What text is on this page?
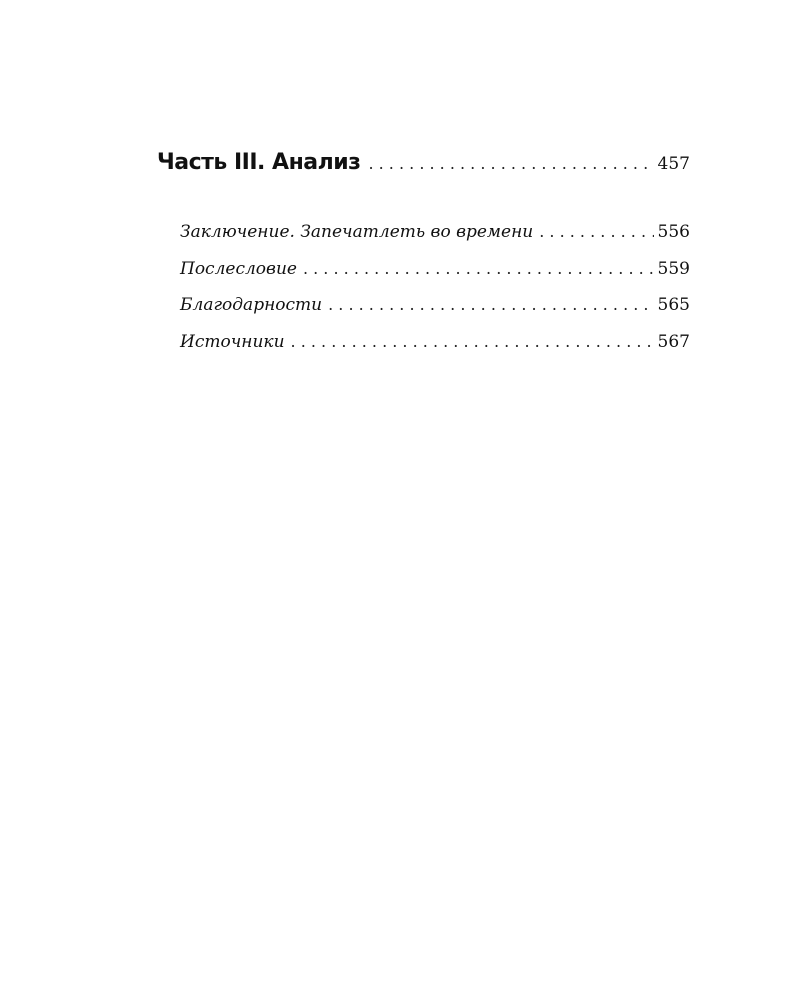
Часть III. Анализ . . .	457
Заключение. Запечатлеть во времени . . .	556
Послесловие . . .	559
Благодарности . . .	565
Источники . . .	567
